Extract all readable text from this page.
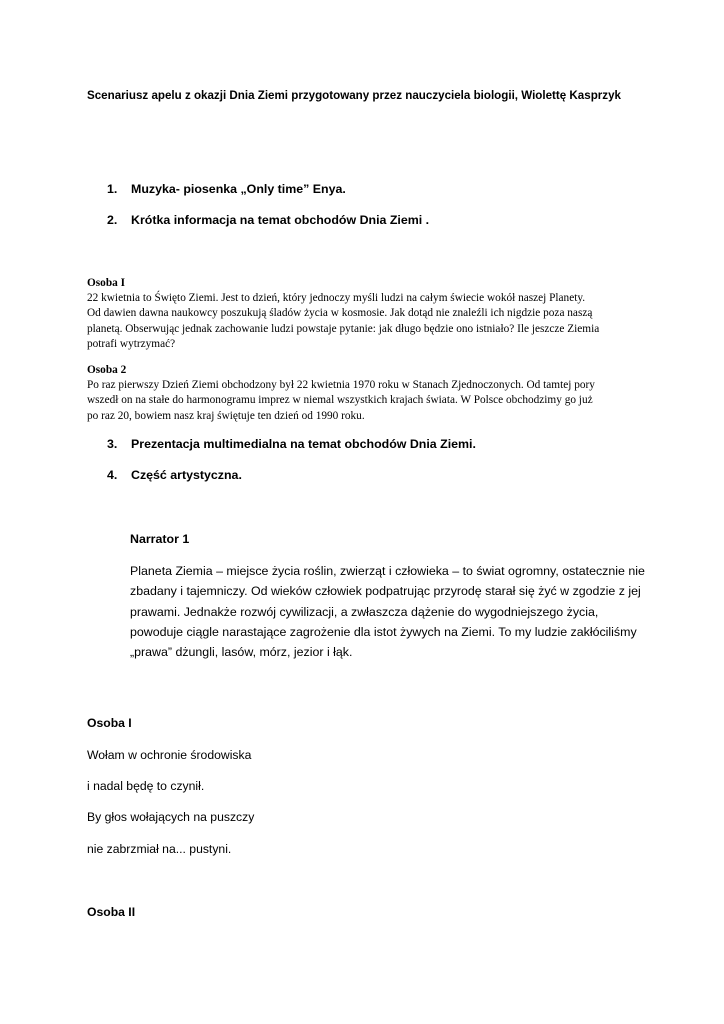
Scenariusz apelu z okazji Dnia Ziemi przygotowany przez nauczyciela biologii, Wiolettę Kasprzyk
1. Muzyka- piosenka „Only time” Enya.
2. Krótka informacja na temat obchodów Dnia Ziemi .
Osoba I
22 kwietnia to Święto Ziemi. Jest to dzień, który jednoczy myśli ludzi na całym świecie wokół naszej Planety.
Od dawien dawna naukowcy poszukują śladów życia w kosmosie. Jak dotąd nie znaleźli ich nigdzie poza naszą
planetą. Obserwując jednak zachowanie ludzi powstaje pytanie: jak długo będzie ono istniało? Ile jeszcze Ziemia
potrafi wytrzymać?
Osoba 2
Po raz pierwszy Dzień Ziemi obchodzony był 22 kwietnia 1970 roku w Stanach Zjednoczonych. Od tamtej pory
wszedł on na stałe do harmonogramu imprez w niemal wszystkich krajach świata. W Polsce obchodzimy go już
po raz 20, bowiem nasz kraj świętuje ten dzień od 1990 roku.
3. Prezentacja multimedialna na temat obchodów Dnia Ziemi.
4. Część artystyczna.
Narrator 1
Planeta Ziemia – miejsce życia roślin, zwierząt i człowieka – to świat ogromny, ostatecznie nie
zbadany i tajemniczy. Od wieków człowiek podpatrując przyrodę starał się żyć w zgodzie z jej
prawami. Jednakże rozwój cywilizacji, a zwłaszcza dążenie do wygodniejszego życia,
powoduje ciągle narastające zagrożenie dla istot żywych na Ziemi. To my ludzie zakłóciliśmy
„prawa” dżungli, lasów, mórz, jezior i łąk.
Osoba I
Wołam w ochronie środowiska
i nadal będę to czynił.
By głos wołających na puszczy
nie zabrzmiał na... pustyni.
Osoba II
